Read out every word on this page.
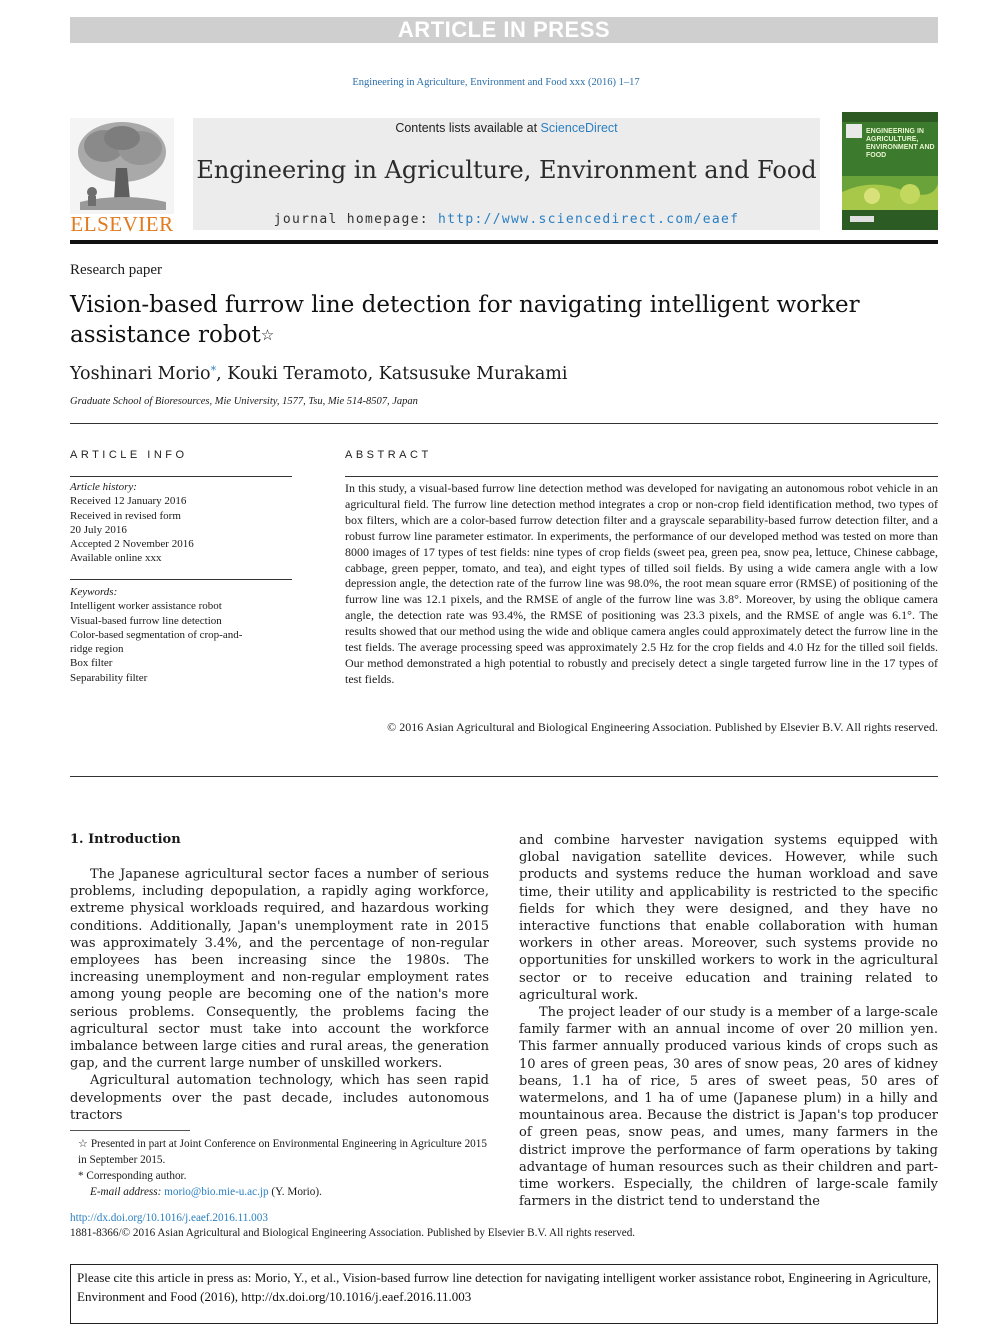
ARTICLE IN PRESS
Engineering in Agriculture, Environment and Food xxx (2016) 1–17
ELSEVIER
Contents lists available at ScienceDirect
Engineering in Agriculture, Environment and Food
journal homepage: http://www.sciencedirect.com/eaef
ENGINEERING IN AGRICULTURE, ENVIRONMENT AND FOOD
Research paper
Vision-based furrow line detection for navigating intelligent worker assistance robot☆
Yoshinari Morio*, Kouki Teramoto, Katsusuke Murakami
Graduate School of Bioresources, Mie University, 1577, Tsu, Mie 514-8507, Japan
ARTICLE INFO
Article history:
Received 12 January 2016
Received in revised form
20 July 2016
Accepted 2 November 2016
Available online xxx
Keywords:
Intelligent worker assistance robot
Visual-based furrow line detection
Color-based segmentation of crop-and-
ridge region
Box filter
Separability filter
ABSTRACT
In this study, a visual-based furrow line detection method was developed for navigating an autonomous robot vehicle in an agricultural field. The furrow line detection method integrates a crop or non-crop field identification method, two types of box filters, which are a color-based furrow detection filter and a grayscale separability-based furrow detection filter, and a robust furrow line parameter estimator. In experiments, the performance of our developed method was tested on more than 8000 images of 17 types of test fields: nine types of crop fields (sweet pea, green pea, snow pea, lettuce, Chinese cabbage, cabbage, green pepper, tomato, and tea), and eight types of tilled soil fields. By using a wide camera angle with a low depression angle, the detection rate of the furrow line was 98.0%, the root mean square error (RMSE) of positioning of the furrow line was 12.1 pixels, and the RMSE of angle of the furrow line was 3.8°. Moreover, by using the oblique camera angle, the detection rate was 93.4%, the RMSE of positioning was 23.3 pixels, and the RMSE of angle was 6.1°. The results showed that our method using the wide and oblique camera angles could approximately detect the furrow line in the test fields. The average processing speed was approximately 2.5 Hz for the crop fields and 4.0 Hz for the tilled soil fields. Our method demonstrated a high potential to robustly and precisely detect a single targeted furrow line in the 17 types of test fields.
© 2016 Asian Agricultural and Biological Engineering Association. Published by Elsevier B.V. All rights reserved.
1. Introduction

The Japanese agricultural sector faces a number of serious problems, including depopulation, a rapidly aging workforce, extreme physical workloads required, and hazardous working conditions. Additionally, Japan's unemployment rate in 2015 was approximately 3.4%, and the percentage of non-regular employees has been increasing since the 1980s. The increasing unemployment and non-regular employment rates among young people are becoming one of the nation's more serious problems. Consequently, the problems facing the agricultural sector must take into account the workforce imbalance between large cities and rural areas, the generation gap, and the current large number of unskilled workers.

Agricultural automation technology, which has seen rapid developments over the past decade, includes autonomous tractors

and combine harvester navigation systems equipped with global navigation satellite devices. However, while such products and systems reduce the human workload and save time, their utility and applicability is restricted to the specific fields for which they were designed, and they have no interactive functions that enable collaboration with human workers in other areas. Moreover, such systems provide no opportunities for unskilled workers to work in the agricultural sector or to receive education and training related to agricultural work.

The project leader of our study is a member of a large-scale family farmer with an annual income of over 20 million yen. This farmer annually produced various kinds of crops such as 10 ares of green peas, 30 ares of snow peas, 20 ares of kidney beans, 1.1 ha of rice, 5 ares of sweet peas, 50 ares of watermelons, and 1 ha of ume (Japanese plum) in a hilly and mountainous area. Because the district is Japan's top producer of green peas, snow peas, and umes, many farmers in the district improve the performance of farm operations by taking advantage of human resources such as their children and part-time workers. Especially, the children of large-scale family farmers in the district tend to understand the

☆ Presented in part at Joint Conference on Environmental Engineering in Agriculture 2015 in September 2015.
* Corresponding author.
E-mail address: morio@bio.mie-u.ac.jp (Y. Morio).
http://dx.doi.org/10.1016/j.eaef.2016.11.003
1881-8366/© 2016 Asian Agricultural and Biological Engineering Association. Published by Elsevier B.V. All rights reserved.
Please cite this article in press as: Morio, Y., et al., Vision-based furrow line detection for navigating intelligent worker assistance robot, Engineering in Agriculture, Environment and Food (2016), http://dx.doi.org/10.1016/j.eaef.2016.11.003
